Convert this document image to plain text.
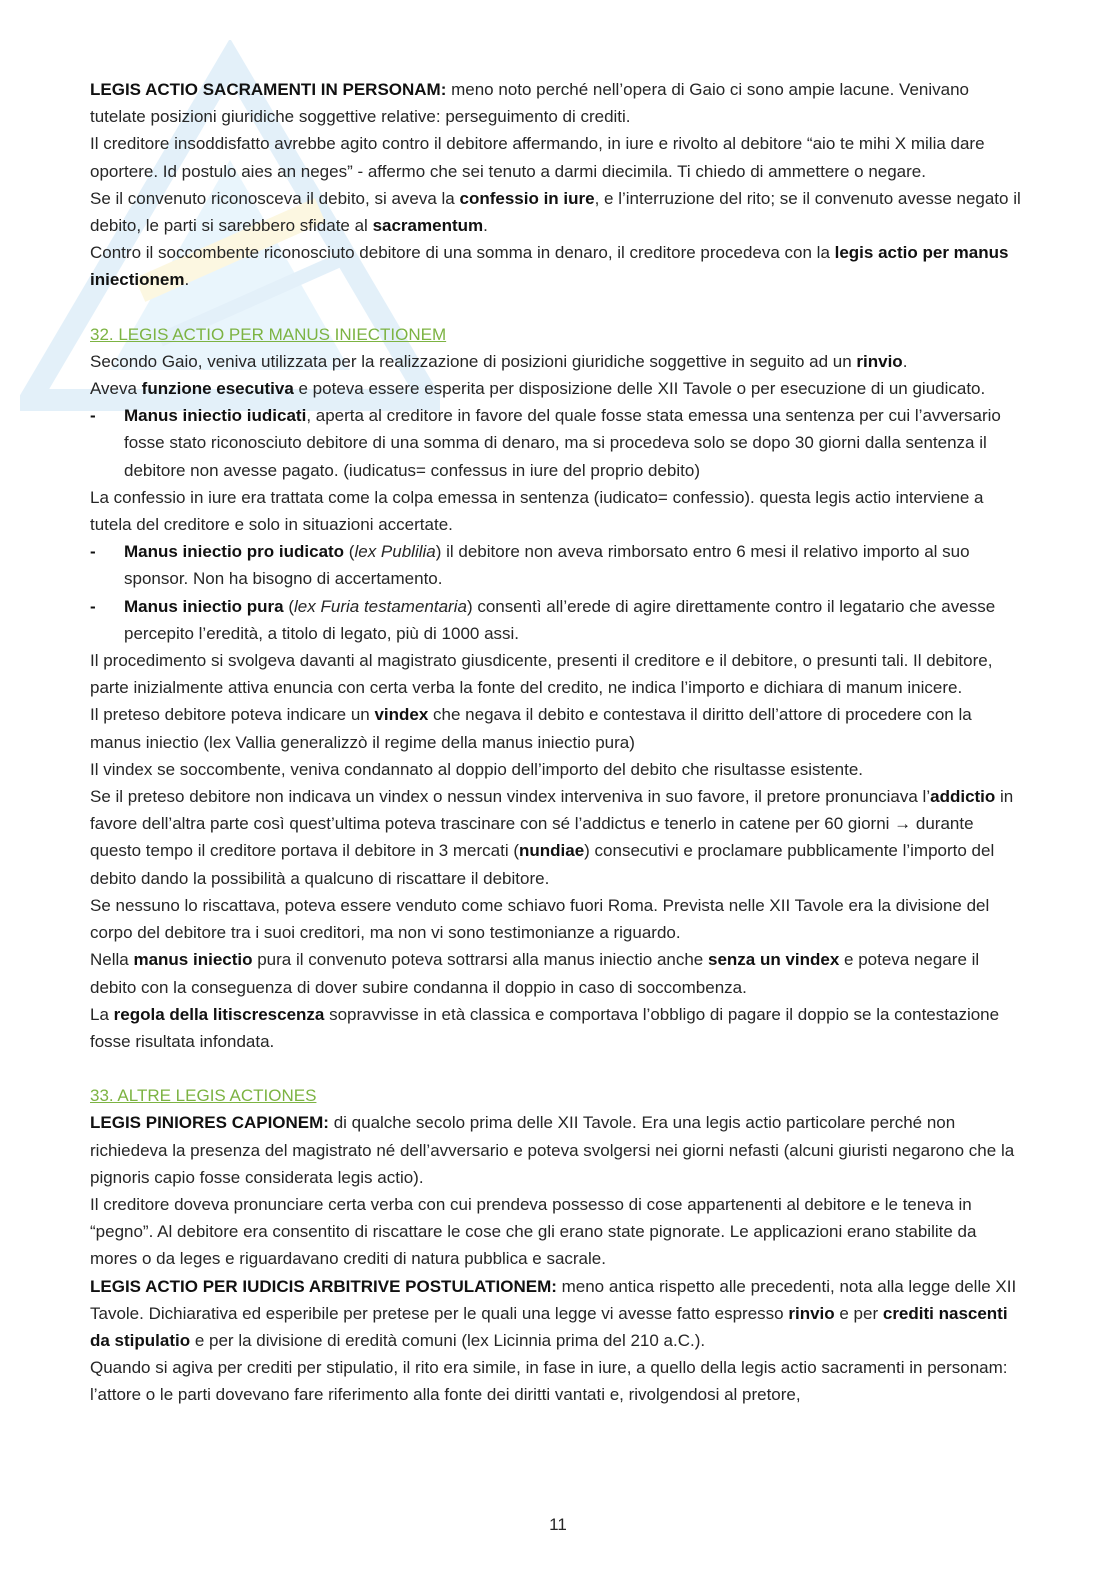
LEGIS ACTIO SACRAMENTI IN PERSONAM: meno noto perché nell’opera di Gaio ci sono ampie lacune. Venivano tutelate posizioni giuridiche soggettive relative: perseguimento di crediti.

Il creditore insoddisfatto avrebbe agito contro il debitore affermando, in iure e rivolto al debitore “aio te mihi X milia dare oportere. Id postulo aies an neges” - affermo che sei tenuto a darmi diecimila. Ti chiedo di ammettere o negare.

Se il convenuto riconosceva il debito, si aveva la confessio in iure, e l’interruzione del rito; se il convenuto avesse negato il debito, le parti si sarebbero sfidate al sacramentum.

Contro il soccombente riconosciuto debitore di una somma in denaro, il creditore procedeva con la legis actio per manus iniectionem.

32. LEGIS ACTIO PER MANUS INIECTIONEM

Secondo Gaio, veniva utilizzata per la realizzazione di posizioni giuridiche soggettive in seguito ad un rinvio.

Aveva funzione esecutiva e poteva essere esperita per disposizione delle XII Tavole o per esecuzione di un giudicato.

- Manus iniectio iudicati, aperta al creditore in favore del quale fosse stata emessa una sentenza per cui l’avversario fosse stato riconosciuto debitore di una somma di denaro, ma si procedeva solo se dopo 30 giorni dalla sentenza il debitore non avesse pagato. (iudicatus= confessus in iure del proprio debito)

La confessio in iure era trattata come la colpa emessa in sentenza (iudicato= confessio). questa legis actio interviene a tutela del creditore e solo in situazioni accertate.

- Manus iniectio pro iudicato (lex Publilia) il debitore non aveva rimborsato entro 6 mesi il relativo importo al suo sponsor. Non ha bisogno di accertamento.

- Manus iniectio pura (lex Furia testamentaria) consentì all’erede di agire direttamente contro il legatario che avesse percepito l’eredità, a titolo di legato, più di 1000 assi.

Il procedimento si svolgeva davanti al magistrato giusdicente, presenti il creditore e il debitore, o presunti tali. Il debitore, parte inizialmente attiva enuncia con certa verba la fonte del credito, ne indica l’importo e dichiara di manum inicere.

Il preteso debitore poteva indicare un vindex che negava il debito e contestava il diritto dell’attore di procedere con la manus iniectio (lex Vallia generalizzò il regime della manus iniectio pura)

Il vindex se soccombente, veniva condannato al doppio dell’importo del debito che risultasse esistente.

Se il preteso debitore non indicava un vindex o nessun vindex interveniva in suo favore, il pretore pronunciava l’addictio in favore dell’altra parte così quest’ultima poteva trascinare con sé l’addictus e tenerlo in catene per 60 giorni → durante questo tempo il creditore portava il debitore in 3 mercati (nundiae) consecutivi e proclamare pubblicamente l’importo del debito dando la possibilità a qualcuno di riscattare il debitore.

Se nessuno lo riscattava, poteva essere venduto come schiavo fuori Roma. Prevista nelle XII Tavole era la divisione del corpo del debitore tra i suoi creditori, ma non vi sono testimonianze a riguardo.

Nella manus iniectio pura il convenuto poteva sottrarsi alla manus iniectio anche senza un vindex e poteva negare il debito con la conseguenza di dover subire condanna il doppio in caso di soccombenza.

La regola della litiscrescenza sopravvisse in età classica e comportava l’obbligo di pagare il doppio se la contestazione fosse risultata infondata.

33. ALTRE LEGIS ACTIONES

LEGIS PINIORES CAPIONEM: di qualche secolo prima delle XII Tavole. Era una legis actio particolare perché non richiedeva la presenza del magistrato né dell’avversario e poteva svolgersi nei giorni nefasti (alcuni giuristi negarono che la pignoris capio fosse considerata legis actio).

Il creditore doveva pronunciare certa verba con cui prendeva possesso di cose appartenenti al debitore e le teneva in “pegno”. Al debitore era consentito di riscattare le cose che gli erano state pignorate. Le applicazioni erano stabilite da mores o da leges e riguardavano crediti di natura pubblica e sacrale.

LEGIS ACTIO PER IUDICIS ARBITRIVE POSTULATIONEM: meno antica rispetto alle precedenti, nota alla legge delle XII Tavole. Dichiarativa ed esperibile per pretese per le quali una legge vi avesse fatto espresso rinvio e per crediti nascenti da stipulatio e per la divisione di eredità comuni (lex Licinnia prima del 210 a.C.).

Quando si agiva per crediti per stipulatio, il rito era simile, in fase in iure, a quello della legis actio sacramenti in personam: l’attore o le parti dovevano fare riferimento alla fonte dei diritti vantati e, rivolgendosi al pretore,

11
